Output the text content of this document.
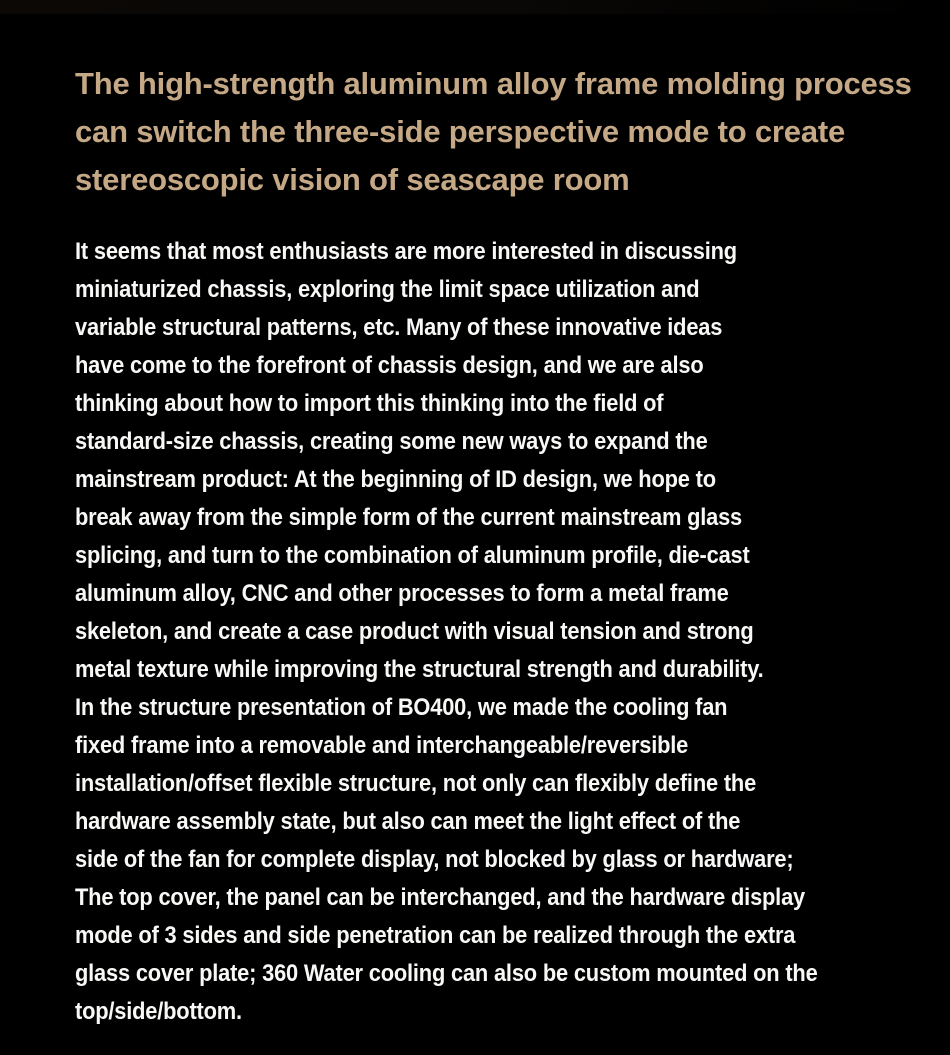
The high-strength aluminum alloy frame molding process
can switch the three-side perspective mode to create
stereoscopic vision of seascape room
It seems that most enthusiasts are more interested in discussing
miniaturized chassis, exploring the limit space utilization and
variable structural patterns, etc. Many of these innovative ideas
have come to the forefront of chassis design, and we are also
thinking about how to import this thinking into the field of
standard-size chassis, creating some new ways to expand the
mainstream product: At the beginning of ID design, we hope to
break away from the simple form of the current mainstream glass
splicing, and turn to the combination of aluminum profile, die-cast
aluminum alloy, CNC and other processes to form a metal frame
skeleton, and create a case product with visual tension and strong
metal texture while improving the structural strength and durability.
In the structure presentation of BO400, we made the cooling fan
fixed frame into a removable and interchangeable/reversible
installation/offset flexible structure, not only can flexibly define the
hardware assembly state, but also can meet the light effect of the
side of the fan for complete display, not blocked by glass or hardware;
The top cover, the panel can be interchanged, and the hardware display
mode of 3 sides and side penetration can be realized through the extra
glass cover plate; 360 Water cooling can also be custom mounted on the
top/side/bottom.
